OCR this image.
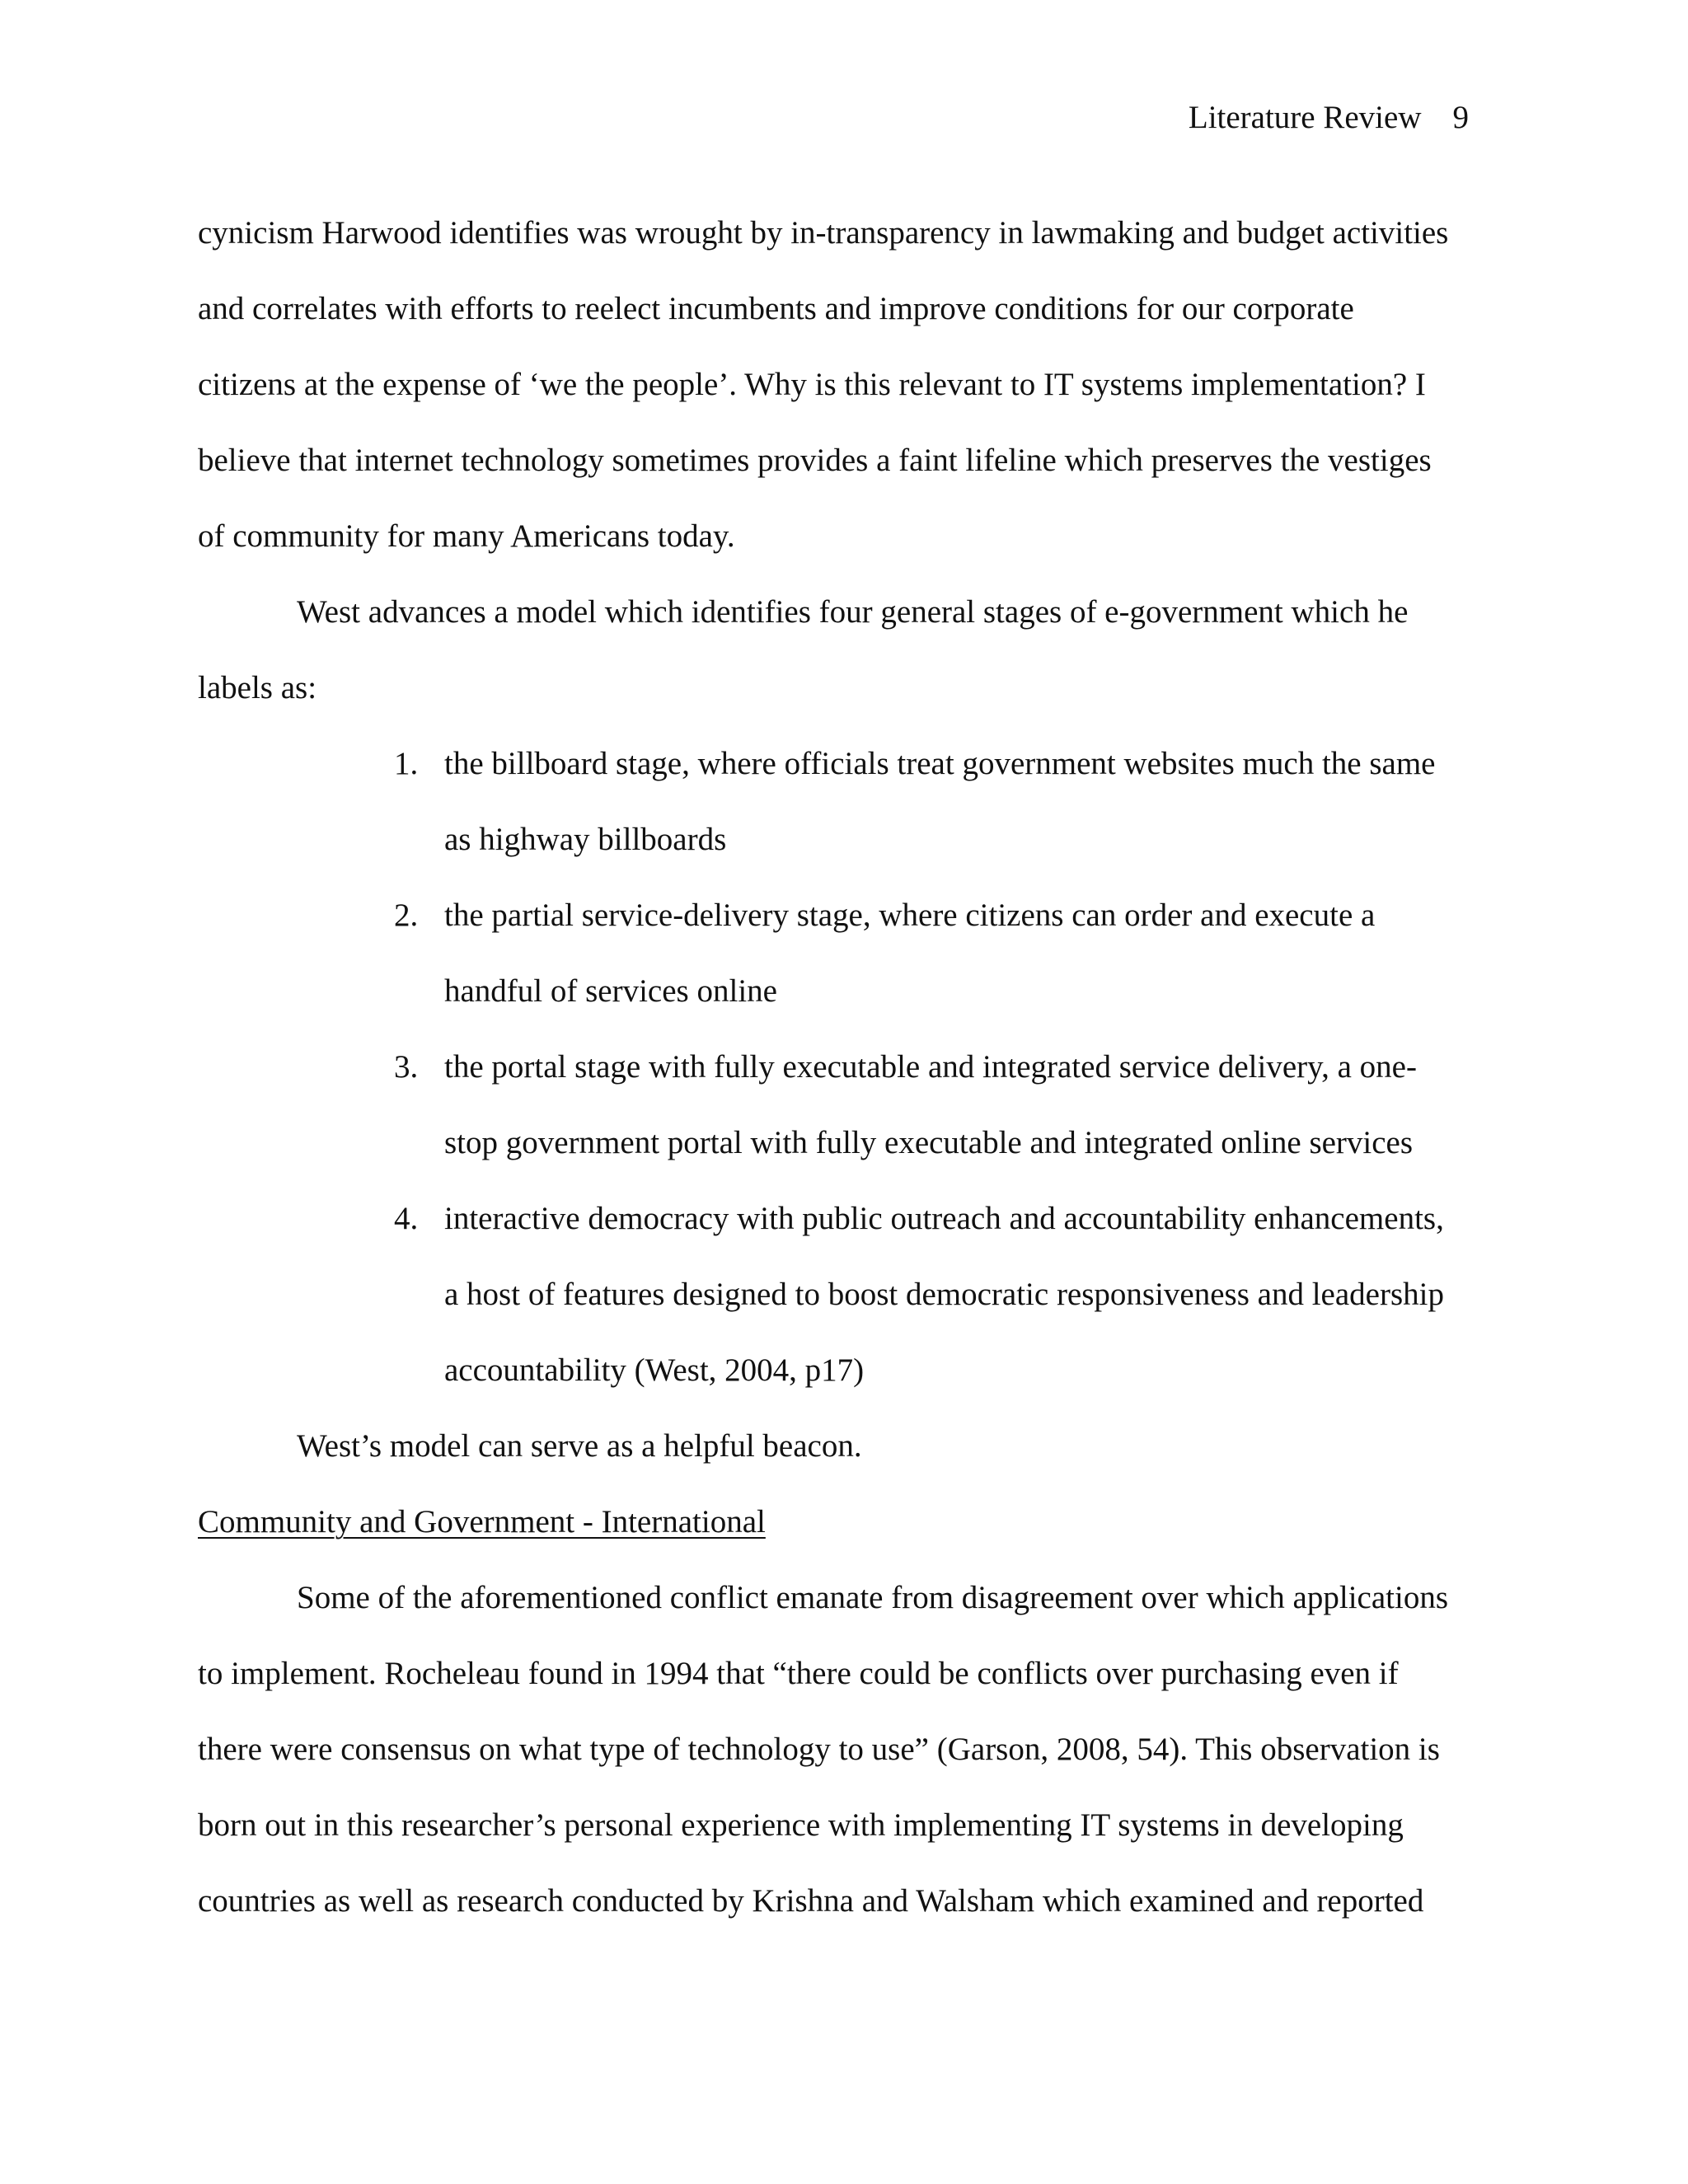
Literature Review 9
cynicism Harwood identifies was wrought by in-transparency in lawmaking and budget activities
and correlates with efforts to reelect incumbents and improve conditions for our corporate
citizens at the expense of ‘we the people’. Why is this relevant to IT systems implementation? I
believe that internet technology sometimes provides a faint lifeline which preserves the vestiges
of community for many Americans today.
West advances a model which identifies four general stages of e-government which he
labels as:
1. the billboard stage, where officials treat government websites much the same
as highway billboards
2. the partial service-delivery stage, where citizens can order and execute a
handful of services online
3. the portal stage with fully executable and integrated service delivery, a one-
stop government portal with fully executable and integrated online services
4. interactive democracy with public outreach and accountability enhancements,
a host of features designed to boost democratic responsiveness and leadership
accountability (West, 2004, p17)
West’s model can serve as a helpful beacon.
Community and Government - International
Some of the aforementioned conflict emanate from disagreement over which applications
to implement. Rocheleau found in 1994 that “there could be conflicts over purchasing even if
there were consensus on what type of technology to use” (Garson, 2008, 54). This observation is
born out in this researcher’s personal experience with implementing IT systems in developing
countries as well as research conducted by Krishna and Walsham which examined and reported
